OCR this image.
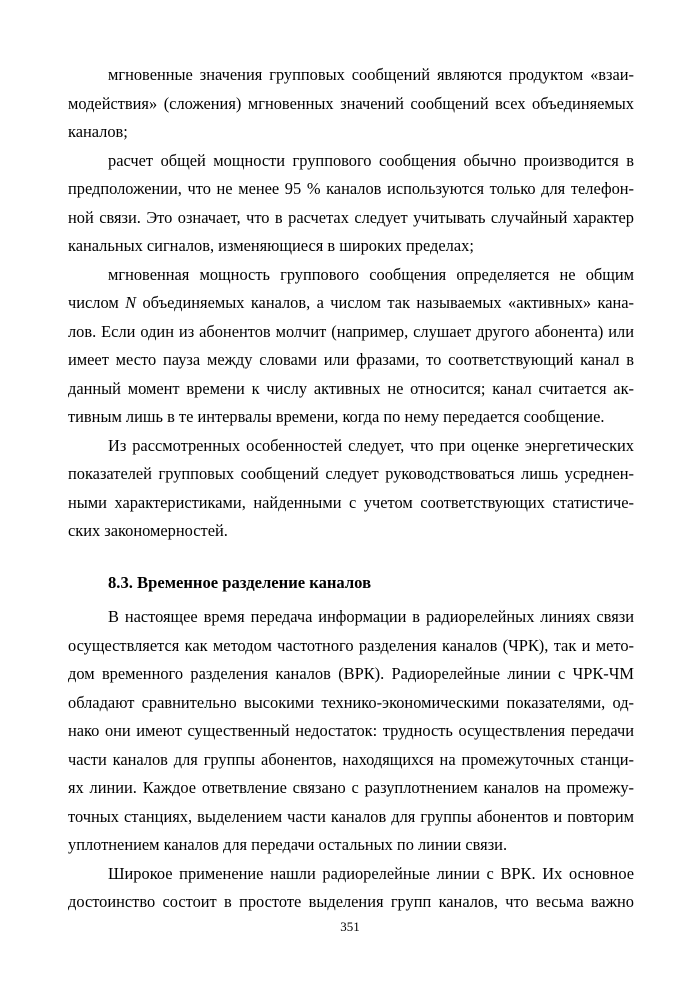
мгновенные значения групповых сообщений являются продуктом «взаи-
модействия» (сложения) мгновенных значений сообщений всех объединяемых
каналов;
расчет общей мощности группового сообщения обычно производится в
предположении, что не менее 95 % каналов используются только для телефон-
ной связи. Это означает, что в расчетах следует учитывать случайный характер
канальных сигналов, изменяющиеся в широких пределах;
мгновенная мощность группового сообщения определяется не общим
числом N объединяемых каналов, а числом так называемых «активных» кана-
лов. Если один из абонентов молчит (например, слушает другого абонента) или
имеет место пауза между словами или фразами, то соответствующий канал в
данный момент времени к числу активных не относится; канал считается ак-
тивным лишь в те интервалы времени, когда по нему передается сообщение.
Из рассмотренных особенностей следует, что при оценке энергетических
показателей групповых сообщений следует руководствоваться лишь усреднен-
ными характеристиками, найденными с учетом соответствующих статистиче-
ских закономерностей.
В настоящее время передача информации в радиорелейных линиях связи
осуществляется как методом частотного разделения каналов (ЧРК), так и мето-
дом временного разделения каналов (ВРК). Радиорелейные линии с ЧРК-ЧМ
обладают сравнительно высокими технико-экономическими показателями, од-
нако они имеют существенный недостаток: трудность осуществления передачи
части каналов для группы абонентов, находящихся на промежуточных станци-
ях линии. Каждое ответвление связано с разуплотнением каналов на промежу-
точных станциях, выделением части каналов для группы абонентов и повторим
уплотнением каналов для передачи остальных по линии связи.
Широкое применение нашли радиорелейные линии с ВРК. Их основное
достоинство состоит в простоте выделения групп каналов, что весьма важно
8.3. Временное разделение каналов
351
